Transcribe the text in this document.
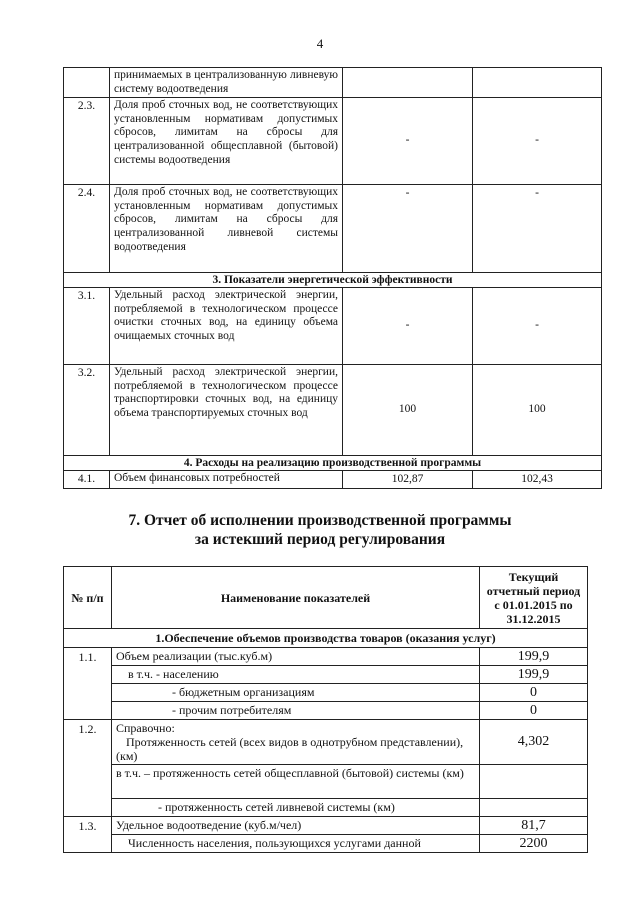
4
	принимаемых в централизованную ливневую систему водоотведения		
2.3.	Доля проб сточных вод, не соответствующих установленным нормативам допустимых сбросов, лимитам на сбросы для централизованной общесплавной (бытовой) системы водоотведения	-	-
2.4.	Доля проб сточных вод, не соответствующих установленным нормативам допустимых сбросов, лимитам на сбросы для централизованной ливневой системы водоотведения	-	-
3. Показатели энергетической эффективности			
3.1.	Удельный расход электрической энергии, потребляемой в технологическом процессе очистки сточных вод, на единицу объема очищаемых сточных вод	-	-
3.2.	Удельный расход электрической энергии, потребляемой в технологическом процессе транспортировки сточных вод, на единицу объема транспортируемых сточных вод	100	100
4. Расходы на реализацию производственной программы			
4.1.	Объем финансовых потребностей	102,87	102,43
7. Отчет об исполнении производственной программы
за истекший период регулирования
№ п/п	Наименование показателей	Текущий отчетный период с 01.01.2015 по 31.12.2015
1.Обеспечение объемов производства товаров (оказания услуг)		
1.1.	Объем реализации (тыс.куб.м)	199,9
	в т.ч. - населению	199,9
	- бюджетным организациям	0
	- прочим потребителям	0
1.2.	Справочно:
Протяженность сетей (всех видов в однотрубном представлении), (км)	4,302
	в т.ч. – протяженность сетей общесплавной (бытовой) системы (км)	
	- протяженность сетей ливневой системы (км)	
1.3.	Удельное водоотведение (куб.м/чел)	81,7
	Численность населения, пользующихся услугами данной	2200
